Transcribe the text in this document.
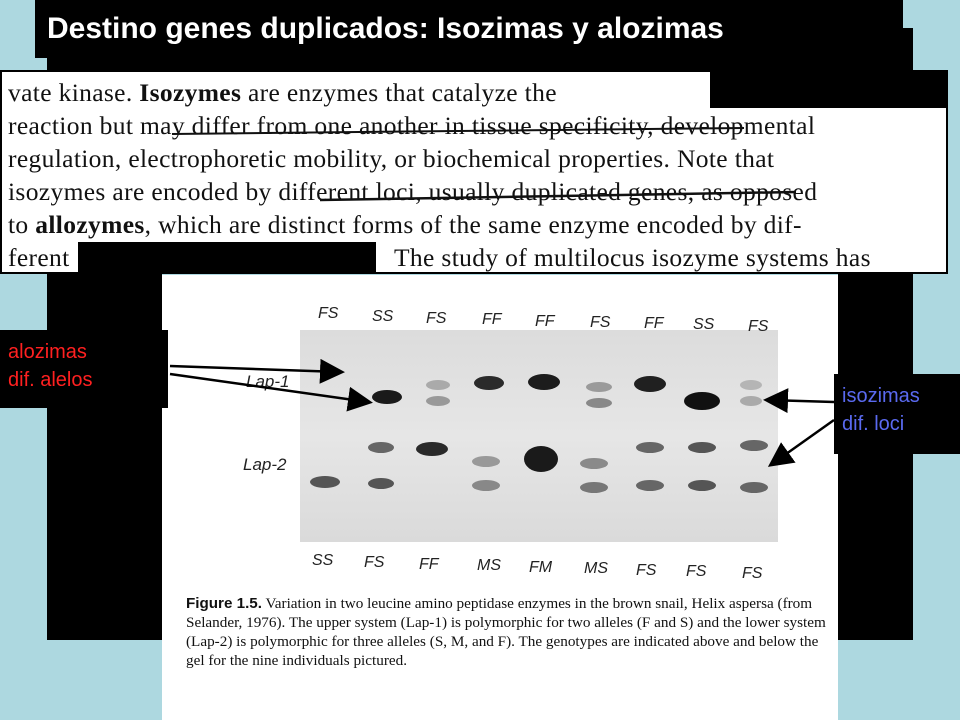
Destino genes duplicados: Isozimas y alozimas
vate kinase. Isozymes are enzymes that catalyze the
reaction but may differ from one another in tissue specificity, developmental
regulation, electrophoretic mobility, or biochemical properties. Note that
isozymes are encoded by different loci, usually duplicated genes, as opposed
to allozymes, which are distinct forms of the same enzyme encoded by dif-
ferent	The study of multilocus isozyme systems has
FS SS FS FF FF FS FF SS FS
SS FS FF MS FM MS FS FS FS
Lap-1
Lap-2
Figure 1.5. Variation in two leucine amino peptidase enzymes in the brown snail, Helix aspersa (from Selander, 1976). The upper system (Lap-1) is polymorphic for two alleles (F and S) and the lower system (Lap-2) is polymorphic for three alleles (S, M, and F). The genotypes are indicated above and below the gel for the nine individuals pictured.
alozimas
dif. alelos
isozimas
dif. loci
